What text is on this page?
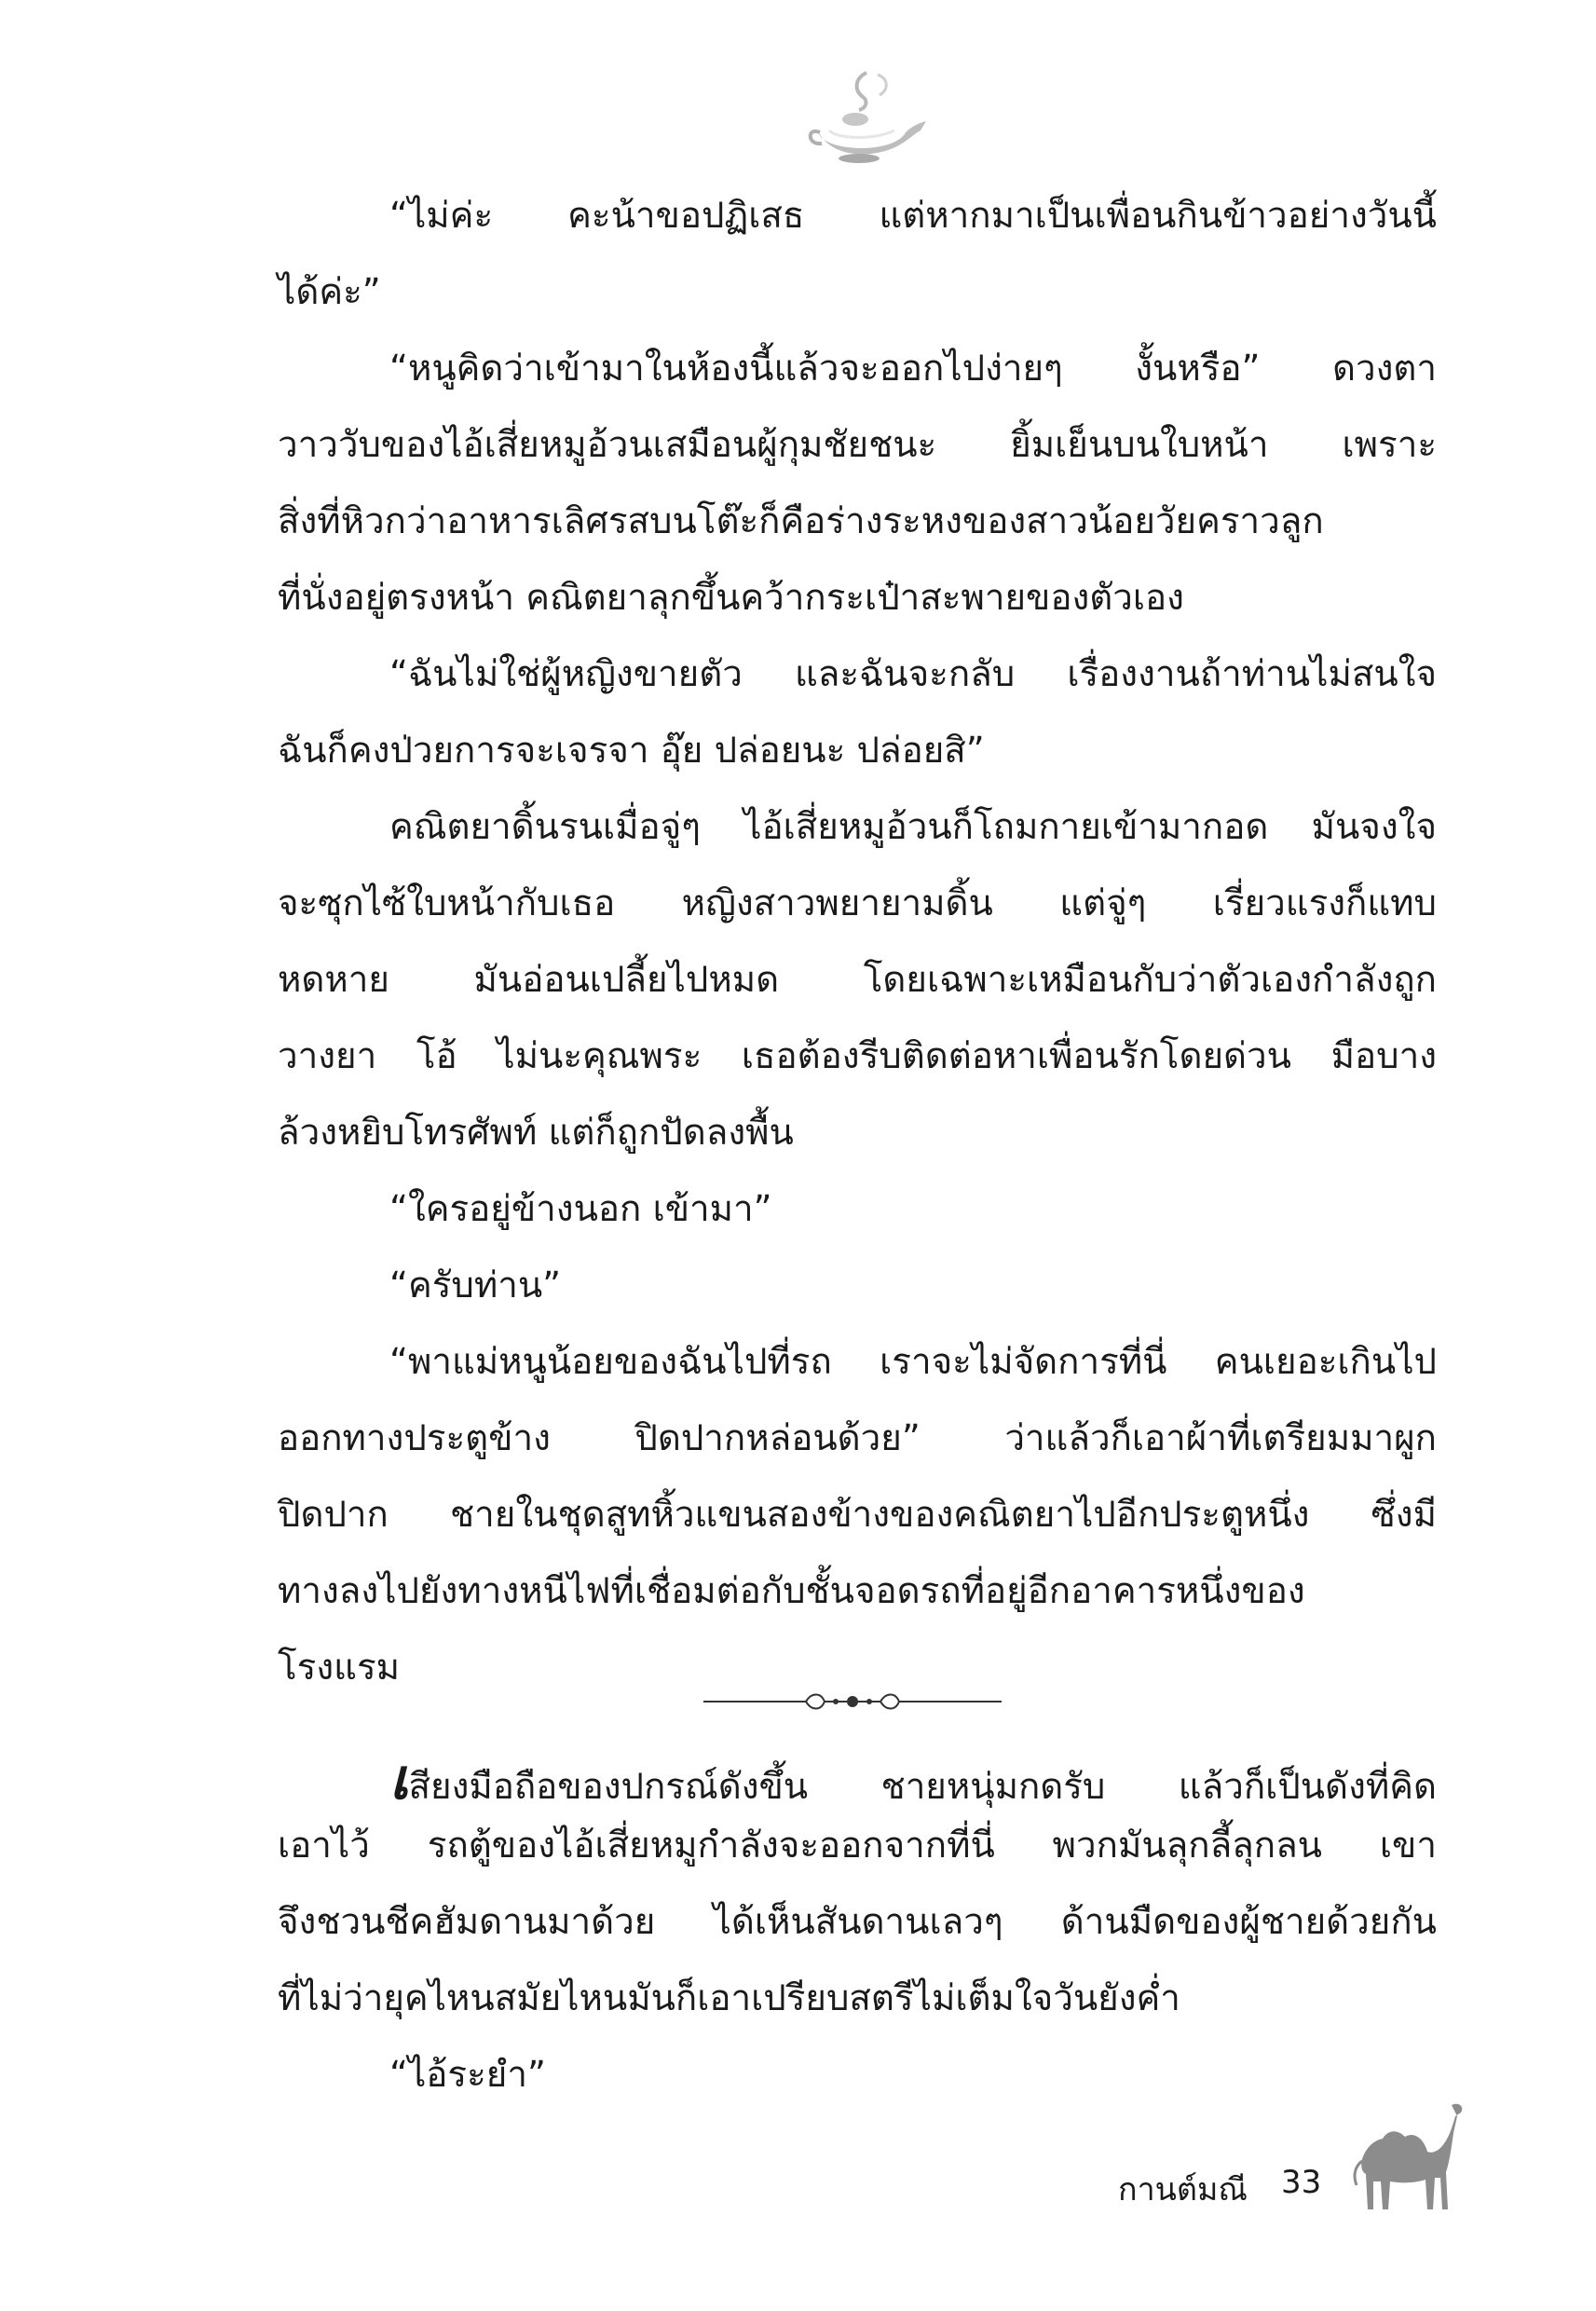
“ไม่ค่ะ คะน้าขอปฏิเสธ แต่หากมาเป็นเพื่อนกินข้าวอย่างวันนี้
ได้ค่ะ”
“หนูคิดว่าเข้ามาในห้องนี้แล้วจะออกไปง่ายๆ งั้นหรือ” ดวงตา
วาววับของไอ้เสี่ยหมูอ้วนเสมือนผู้กุมชัยชนะ ยิ้มเย็นบนใบหน้า เพราะ
สิ่งที่หิวกว่าอาหารเลิศรสบนโต๊ะก็คือร่างระหงของสาวน้อยวัยคราวลูก
ที่นั่งอยู่ตรงหน้า คณิตยาลุกขึ้นคว้ากระเป๋าสะพายของตัวเอง
“ฉันไม่ใช่ผู้หญิงขายตัว และฉันจะกลับ เรื่องงานถ้าท่านไม่สนใจ
ฉันก็คงป่วยการจะเจรจา อุ๊ย ปล่อยนะ ปล่อยสิ”
คณิตยาดิ้นรนเมื่อจู่ๆ ไอ้เสี่ยหมูอ้วนก็โถมกายเข้ามากอด มันจงใจ
จะซุกไซ้ใบหน้ากับเธอ หญิงสาวพยายามดิ้น แต่จู่ๆ เรี่ยวแรงก็แทบ
หดหาย มันอ่อนเปลี้ยไปหมด โดยเฉพาะเหมือนกับว่าตัวเองกำลังถูก
วางยา โอ้ ไม่นะคุณพระ เธอต้องรีบติดต่อหาเพื่อนรักโดยด่วน มือบาง
ล้วงหยิบโทรศัพท์ แต่ก็ถูกปัดลงพื้น
“ใครอยู่ข้างนอก เข้ามา”
“ครับท่าน”
“พาแม่หนูน้อยของฉันไปที่รถ เราจะไม่จัดการที่นี่ คนเยอะเกินไป
ออกทางประตูข้าง ปิดปากหล่อนด้วย” ว่าแล้วก็เอาผ้าที่เตรียมมาผูก
ปิดปาก ชายในชุดสูทหิ้วแขนสองข้างของคณิตยาไปอีกประตูหนึ่ง ซึ่งมี
ทางลงไปยังทางหนีไฟที่เชื่อมต่อกับชั้นจอดรถที่อยู่อีกอาคารหนึ่งของ
โรงแรม
เสียงมือถือของปกรณ์ดังขึ้น ชายหนุ่มกดรับ แล้วก็เป็นดังที่คิด
เอาไว้ รถตู้ของไอ้เสี่ยหมูกำลังจะออกจากที่นี่ พวกมันลุกลี้ลุกลน เขา
จึงชวนชีคฮัมดานมาด้วย ได้เห็นสันดานเลวๆ ด้านมืดของผู้ชายด้วยกัน
ที่ไม่ว่ายุคไหนสมัยไหนมันก็เอาเปรียบสตรีไม่เต็มใจวันยังค่ำ
“ไอ้ระยำ”
กานต์มณี 33
